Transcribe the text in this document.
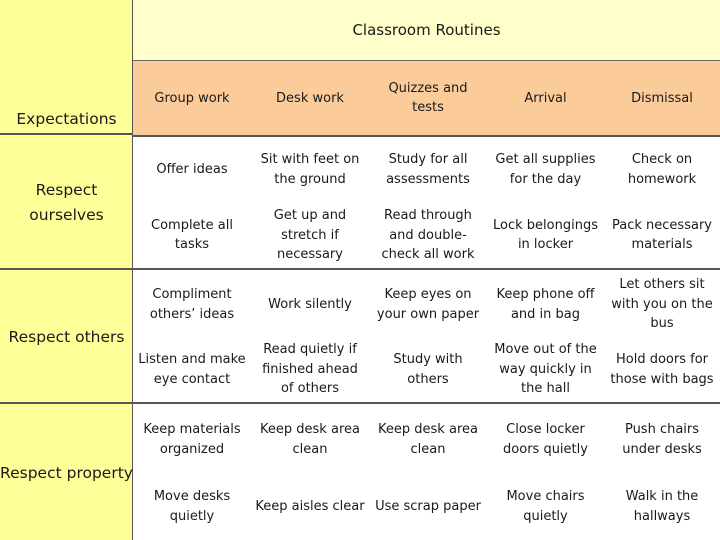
Expectations
Respect ourselves
Respect others
Respect property
Classroom Routines
Group work	Desk work
Quizzes and tests
Arrival	Dismissal
Offer ideas
Sit with feet on the ground
Study for all assessments
Get all supplies for the day
Check on homework
Complete all tasks
Get up and stretch if necessary
Read through and double-check all work
Lock belongings in locker
Pack necessary materials
Compliment others’ ideas
Work silently
Keep eyes on your own paper
Keep phone off and in bag
Let others sit with you on the bus
Listen and make eye contact
Read quietly if finished ahead of others
Study with others
Move out of the way quickly in the hall
Hold doors for those with bags
Keep materials organized
Keep desk area clean
Keep desk area clean
Close locker doors quietly
Push chairs under desks
Move desks quietly
Keep aisles clear Use scrap paper
Move chairs quietly
Walk in the hallways
